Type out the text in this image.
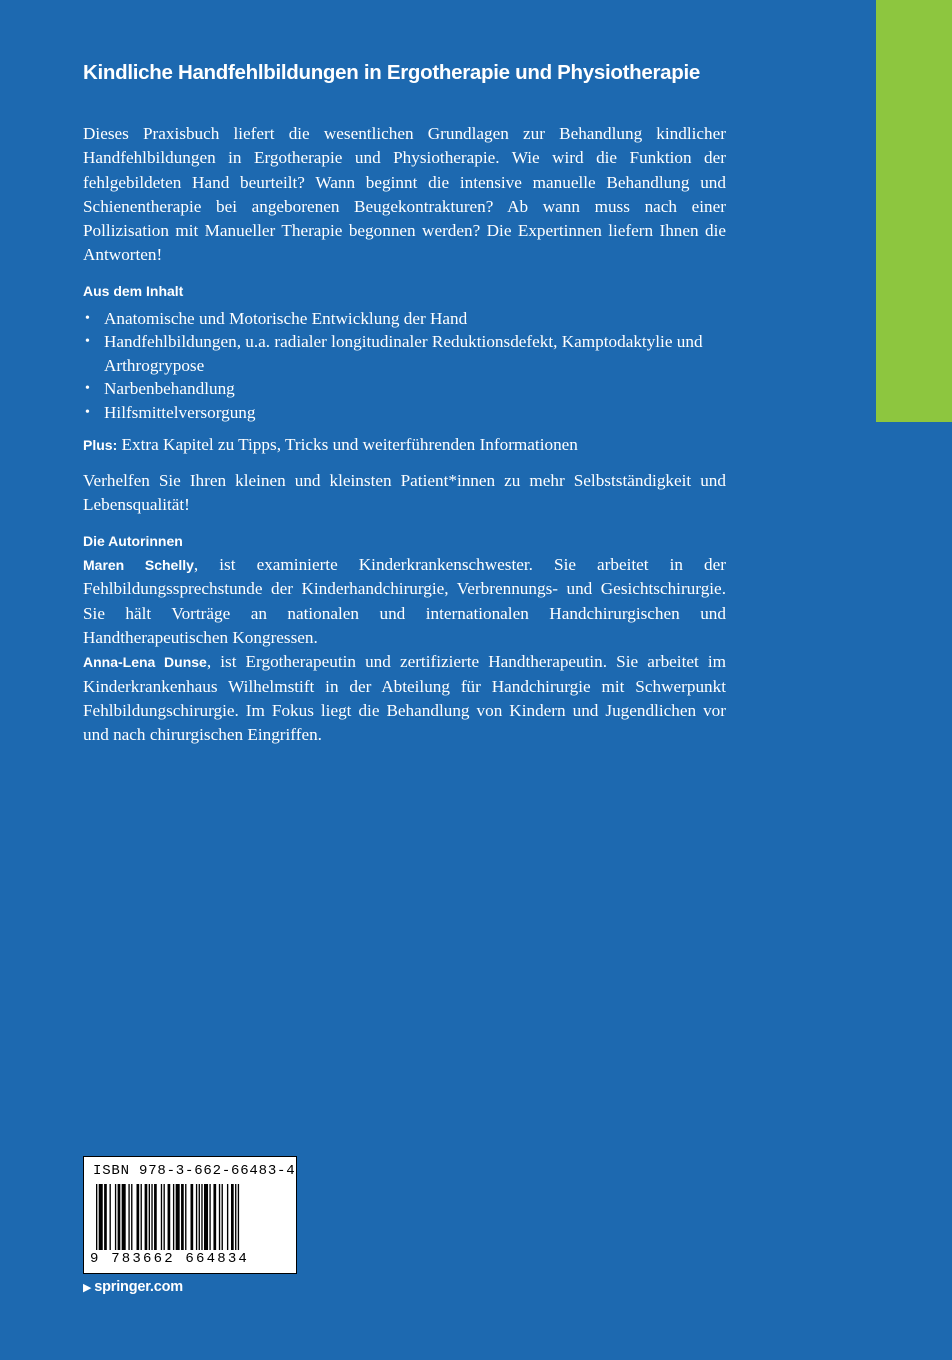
Kindliche Handfehlbildungen in Ergotherapie und Physiotherapie

Dieses Praxisbuch liefert die wesentlichen Grundlagen zur Behandlung kindlicher Handfehlbildungen in Ergotherapie und Physiotherapie. Wie wird die Funktion der fehlgebildeten Hand beurteilt? Wann beginnt die intensive manuelle Behandlung und Schienentherapie bei angeborenen Beugekontrakturen? Ab wann muss nach einer Pollizisation mit Manueller Therapie begonnen werden? Die Expertinnen liefern Ihnen die Antworten!

Aus dem Inhalt
• Anatomische und Motorische Entwicklung der Hand
• Handfehlbildungen, u.a. radialer longitudinaler Reduktionsdefekt, Kamptodaktylie und Arthrogrypose
• Narbenbehandlung
• Hilfsmittelversorgung

Plus: Extra Kapitel zu Tipps, Tricks und weiterführenden Informationen

Verhelfen Sie Ihren kleinen und kleinsten Patient*innen zu mehr Selbstständigkeit und Lebensqualität!

Die Autorinnen

Maren Schelly, ist examinierte Kinderkrankenschwester. Sie arbeitet in der Fehlbildungssprechstunde der Kinderhandchirurgie, Verbrennungs- und Gesichtschirurgie. Sie hält Vorträge an nationalen und internationalen Handchirurgischen und Handtherapeutischen Kongressen.

Anna-Lena Dunse, ist Ergotherapeutin und zertifizierte Handtherapeutin. Sie arbeitet im Kinderkrankenhaus Wilhelmstift in der Abteilung für Handchirurgie mit Schwerpunkt Fehlbildungschirurgie. Im Fokus liegt die Behandlung von Kindern und Jugendlichen vor und nach chirurgischen Eingriffen.

ISBN 978-3-662-66483-4
9 783662 664834
▶ springer.com
